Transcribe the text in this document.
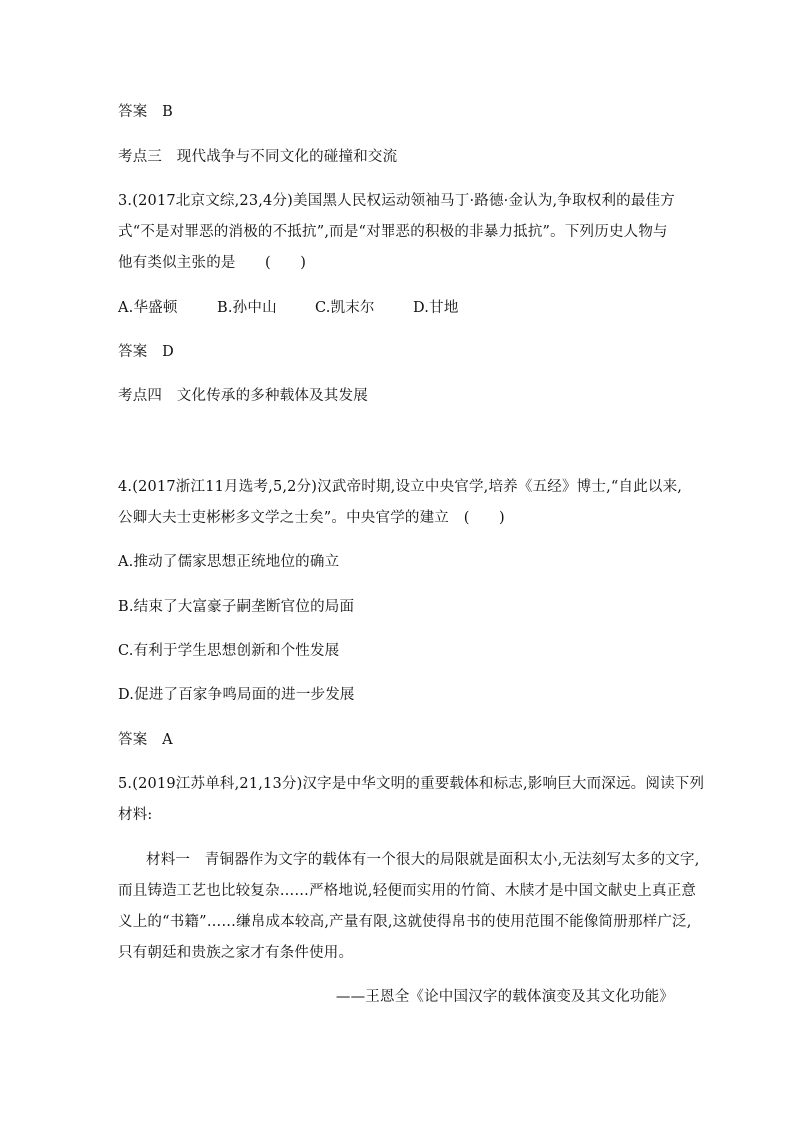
答案　B
考点三　现代战争与不同文化的碰撞和交流
3.(2017北京文综,23,4分)美国黑人民权运动领袖马丁·路德·金认为,争取权利的最佳方
式“不是对罪恶的消极的不抵抗”,而是“对罪恶的积极的非暴力抵抗”。下列历史人物与
他有类似主张的是　　(　　)
A.华盛顿	B.孙中山	C.凯末尔	D.甘地
答案　D
考点四　文化传承的多种载体及其发展
4.(2017浙江11月选考,5,2分)汉武帝时期,设立中央官学,培养《五经》博士,“自此以来,
公卿大夫士吏彬彬多文学之士矣”。中央官学的建立　(　　)
A.推动了儒家思想正统地位的确立
B.结束了大富豪子嗣垄断官位的局面
C.有利于学生思想创新和个性发展
D.促进了百家争鸣局面的进一步发展
答案　A
5.(2019江苏单科,21,13分)汉字是中华文明的重要载体和标志,影响巨大而深远。阅读下列
材料:
材料一　青铜器作为文字的载体有一个很大的局限就是面积太小,无法刻写太多的文字,
而且铸造工艺也比较复杂……严格地说,轻便而实用的竹简、木牍才是中国文献史上真正意
义上的“书籍”……缣帛成本较高,产量有限,这就使得帛书的使用范围不能像简册那样广泛,
只有朝廷和贵族之家才有条件使用。
——王恩全《论中国汉字的载体演变及其文化功能》
